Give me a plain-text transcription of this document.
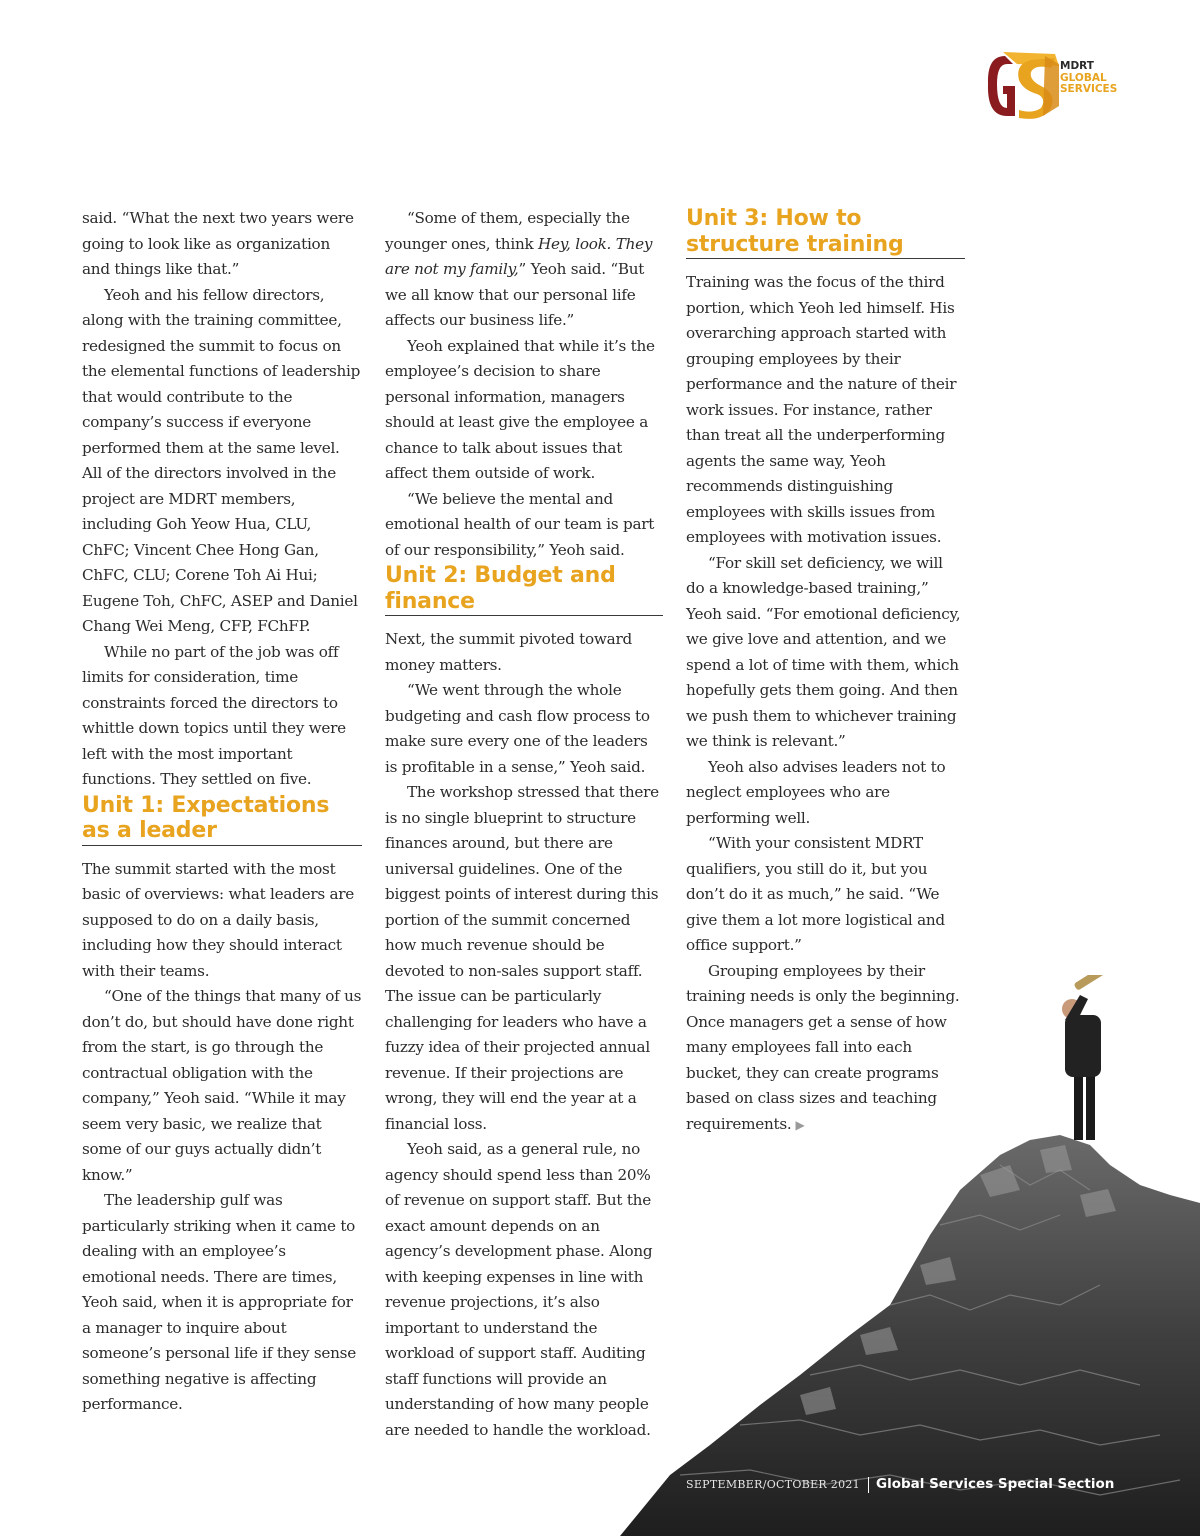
MDRT
GLOBAL
SERVICES

said. “What the next two years were going to look like as organization and things like that.”

Yeoh and his fellow directors, along with the training committee, redesigned the summit to focus on the elemental functions of leadership that would contribute to the company’s success if everyone performed them at the same level. All of the directors involved in the project are MDRT members, including Goh Yeow Hua, CLU, ChFC; Vincent Chee Hong Gan, ChFC, CLU; Corene Toh Ai Hui; Eugene Toh, ChFC, ASEP and Daniel Chang Wei Meng, CFP, FChFP.

While no part of the job was off limits for consideration, time constraints forced the directors to whittle down topics until they were left with the most important functions. They settled on five.

Unit 1: Expectations as a leader

The summit started with the most basic of overviews: what leaders are supposed to do on a daily basis, including how they should interact with their teams.

“One of the things that many of us don’t do, but should have done right from the start, is go through the contractual obligation with the company,” Yeoh said. “While it may seem very basic, we realize that some of our guys actually didn’t know.”

The leadership gulf was particularly striking when it came to dealing with an employee’s emotional needs. There are times, Yeoh said, when it is appropriate for a manager to inquire about someone’s personal life if they sense something negative is affecting performance.

“Some of them, especially the younger ones, think Hey, look. They are not my family,” Yeoh said. “But we all know that our personal life affects our business life.”

Yeoh explained that while it’s the employee’s decision to share personal information, managers should at least give the employee a chance to talk about issues that affect them outside of work.

“We believe the mental and emotional health of our team is part of our responsibility,” Yeoh said.

Unit 2: Budget and finance

Next, the summit pivoted toward money matters.

“We went through the whole budgeting and cash flow process to make sure every one of the leaders is profitable in a sense,” Yeoh said.

The workshop stressed that there is no single blueprint to structure finances around, but there are universal guidelines. One of the biggest points of interest during this portion of the summit concerned how much revenue should be devoted to non-sales support staff. The issue can be particularly challenging for leaders who have a fuzzy idea of their projected annual revenue. If their projections are wrong, they will end the year at a financial loss.

Yeoh said, as a general rule, no agency should spend less than 20% of revenue on support staff. But the exact amount depends on an agency’s development phase. Along with keeping expenses in line with revenue projections, it’s also important to understand the workload of support staff. Auditing staff functions will provide an understanding of how many people are needed to handle the workload.

Unit 3: How to structure training

Training was the focus of the third portion, which Yeoh led himself. His overarching approach started with grouping employees by their performance and the nature of their work issues. For instance, rather than treat all the underperforming agents the same way, Yeoh recommends distinguishing employees with skills issues from employees with motivation issues.

“For skill set deficiency, we will do a knowledge-based training,” Yeoh said. “For emotional deficiency, we give love and attention, and we spend a lot of time with them, which hopefully gets them going. And then we push them to whichever training we think is relevant.”

Yeoh also advises leaders not to neglect employees who are performing well.

“With your consistent MDRT qualifiers, you still do it, but you don’t do it as much,” he said. “We give them a lot more logistical and office support.”

Grouping employees by their training needs is only the beginning. Once managers get a sense of how many employees fall into each bucket, they can create programs based on class sizes and teaching requirements. ▶

SEPTEMBER/OCTOBER 2021 Global Services Special Section
